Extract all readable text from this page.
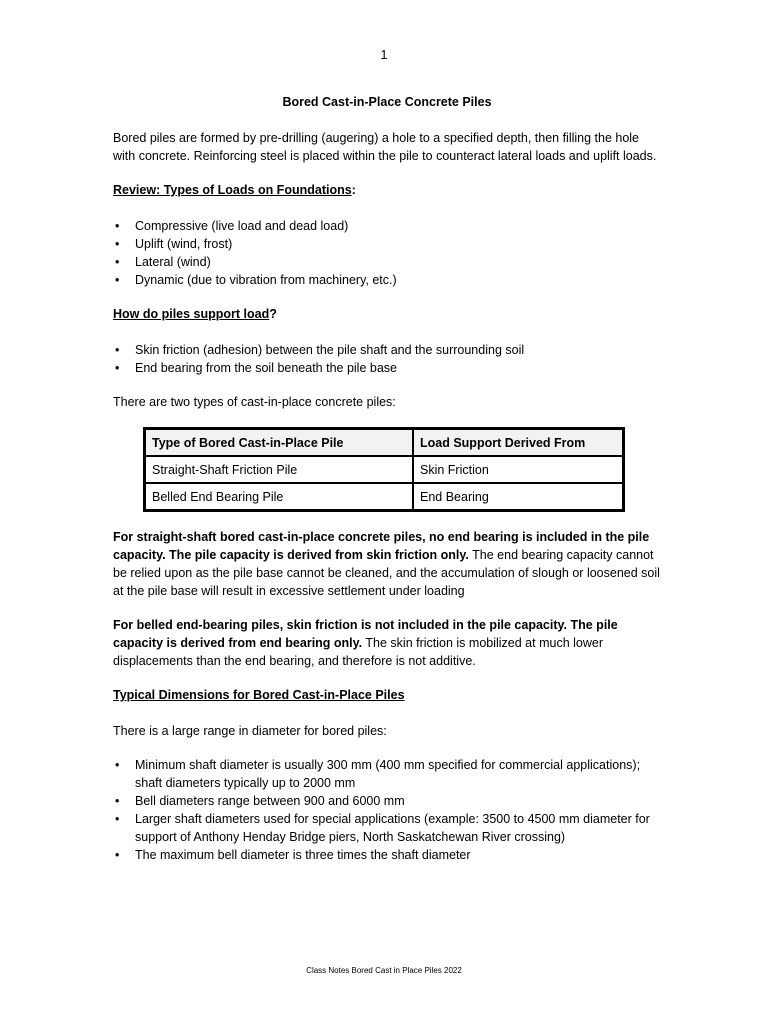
1
Bored Cast-in-Place Concrete Piles

Bored piles are formed by pre-drilling (augering) a hole to a specified depth, then filling the hole with concrete. Reinforcing steel is placed within the pile to counteract lateral loads and uplift loads.

Review: Types of Loads on Foundations:
• Compressive (live load and dead load)
• Uplift (wind, frost)
• Lateral (wind)
• Dynamic (due to vibration from machinery, etc.)
How do piles support load?
• Skin friction (adhesion) between the pile shaft and the surrounding soil
• End bearing from the soil beneath the pile base

There are two types of cast-in-place concrete piles:

Type of Bored Cast-in-Place Pile	Load Support Derived From
Straight-Shaft Friction Pile	Skin Friction
Belled End Bearing Pile	End Bearing

For straight-shaft bored cast-in-place concrete piles, no end bearing is included in the pile capacity. The pile capacity is derived from skin friction only. The end bearing capacity cannot be relied upon as the pile base cannot be cleaned, and the accumulation of slough or loosened soil at the pile base will result in excessive settlement under loading

For belled end-bearing piles, skin friction is not included in the pile capacity. The pile capacity is derived from end bearing only. The skin friction is mobilized at much lower displacements than the end bearing, and therefore is not additive.

Typical Dimensions for Bored Cast-in-Place Piles

There is a large range in diameter for bored piles:

• Minimum shaft diameter is usually 300 mm (400 mm specified for commercial applications); shaft diameters typically up to 2000 mm
• Bell diameters range between 900 and 6000 mm
• Larger shaft diameters used for special applications (example: 3500 to 4500 mm diameter for support of Anthony Henday Bridge piers, North Saskatchewan River crossing)
• The maximum bell diameter is three times the shaft diameter
Class Notes Bored Cast in Place Piles 2022
